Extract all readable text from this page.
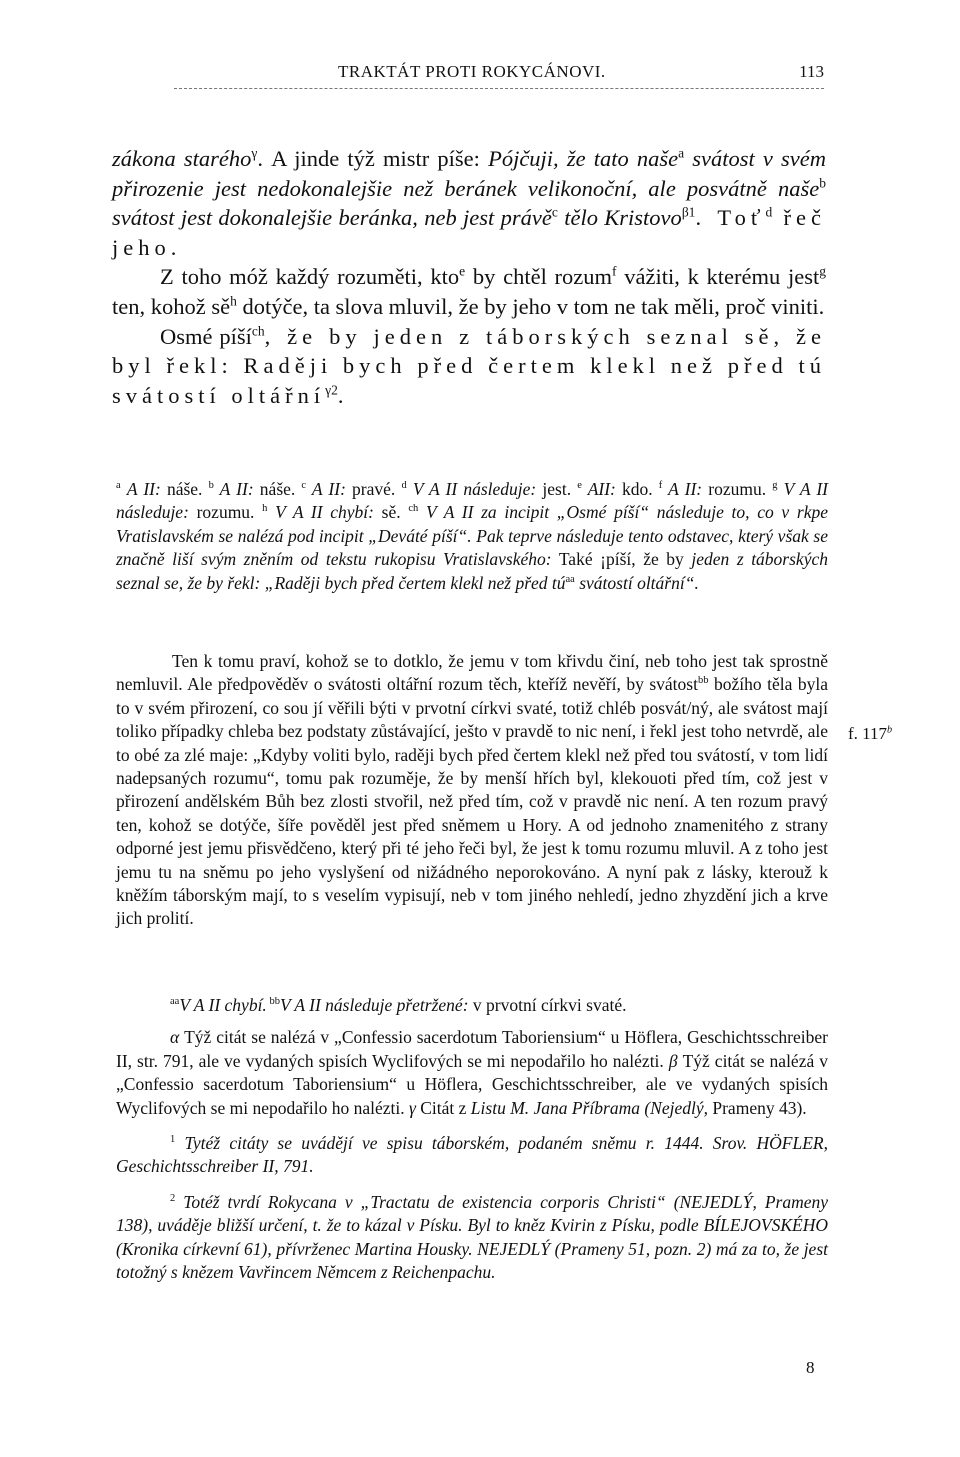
TRAKTÁT PROTI ROKYCÁNOVI.	113

zákona starého$^\gamma$. A jinde týž mistr píše: Pójčuji, že tato naše$^a$ svátost v svém přirozenie jest nedokonalejšie než beránek velikonoční, ale posvátně naše$^b$ svátost jest dokonalejšie beránka, neb jest právě$^c$ tělo Kristovo$^{\beta 1}$. Toť$^d$ řeč jeho.

Z toho móž každý rozuměti, kto$^e$ by chtěl rozum$^f$ vážiti, k kterému jest$^g$ ten, kohož $sě^h$ dotýče, ta slova mluvil, že by jeho v tom ne tak měli, proč viniti.

Osmé píší$^{ch}$, že by jeden z táborských seznal sě, že byl řekl: Raději bych před čertem klekl než před tú svátostí oltářní$^{\gamma 2}$.

$^a$ A II: náše. $^b$ A II: náše. $^c$ A II: pravé. $^d$ V A II následuje: jest. $^e$ AII: kdo. $^f$ A II: rozumu. $^g$ V A II následuje: rozumu. $^h$ V A II chybí: sě. $^{ch}$ V A II za incipit „Osmé píší“ následuje to, co v rkpe Vratislavském se nalézá pod incipit „Deváté píší“. Pak teprve následuje tento odstavec, který však se značně liší svým zněním od tekstu rukopisu Vratislavského: Také ¡píší, že by jeden z táborských seznal se, že by řekl: „Raději bych před čertem klekl než před $tú^{aa}$ svátostí oltářní“.

Ten k tomu praví, kohož se to dotklo, že jemu v tom křivdu činí, neb toho jest tak sprostně nemluvil. Ale předpověděv o svátosti oltářní rozum těch, kteříž nevěří, by svátost$^{bb}$ božího těla byla to v svém přirození, co sou jí věřili býti v prvotní církvi svaté, totiž chléb posvát/ný, ale svátost mají toliko případky chleba bez podstaty zůstávající, ješto v pravdě to nic není, i řekl jest toho netvrdě, ale to obé za zlé maje: „Kdyby voliti bylo, raději bych před čertem klekl než před tou svátostí, v tom lidí nadepsaných rozumu“, tomu pak rozuměje, že by menší hřích byl, klekouoti před tím, což jest v přirození andělském Bůh bez zlosti stvořil, než před tím, což v pravdě nic není. A ten rozum pravý ten, kohož se dotýče, šíře pověděl jest před sněmem u Hory. A od jednoho znamenitého z strany odporné jest jemu přisvědčeno, který při té jeho řeči byl, že jest k tomu rozumu mluvil. A z toho jest jemu tu na sněmu po jeho vyslyšení od nižádného neporokováno. A nyní pak z lásky, kterouž k kněžím táborským mají, to s veselím vypisují, neb v tom jiného nehledí, jedno zhyzdění jich a krve jich prolití.

f. 117$^b$

$^{aa}$V A II chybí. $^{bb}$V A II následuje přetržené: v prvotní církvi svaté.

α Týž citát se nalézá v „Confessio sacerdotum Taboriensium“ u Höflera, Geschichtsschreiber II, str. 791, ale ve vydaných spisích Wyclifových se mi nepodařilo ho nalézti. β Týž citát se nalézá v „Confessio sacerdotum Taboriensium“ u Höflera, Geschichtsschreiber, ale ve vydaných spisích Wyclifových se mi nepodařilo ho nalézti. γ Citát z Listu M. Jana Příbrama (Nejedlý, Prameny 43).

$^1$ Tytéž citáty se uvádějí ve spisu táborském, podaném sněmu r. 1444. Srov. HÖFLER, Geschichtsschreiber II, 791.

$^2$ Totéž tvrdí Rokycana v „Tractatu de existencia corporis Christi“ (NEJEDLÝ, Prameny 138), uváděje bližší určení, t. že to kázal v Písku. Byl to kněz Kvirin z Písku, podle BÍLEJOVSKÉHO (Kronika církevní 61), přívrženec Martina Housky. NEJEDLÝ (Prameny 51, pozn. 2) má za to, že jest totožný s knězem Vavřincem Němcem z Reichenpachu.

8
